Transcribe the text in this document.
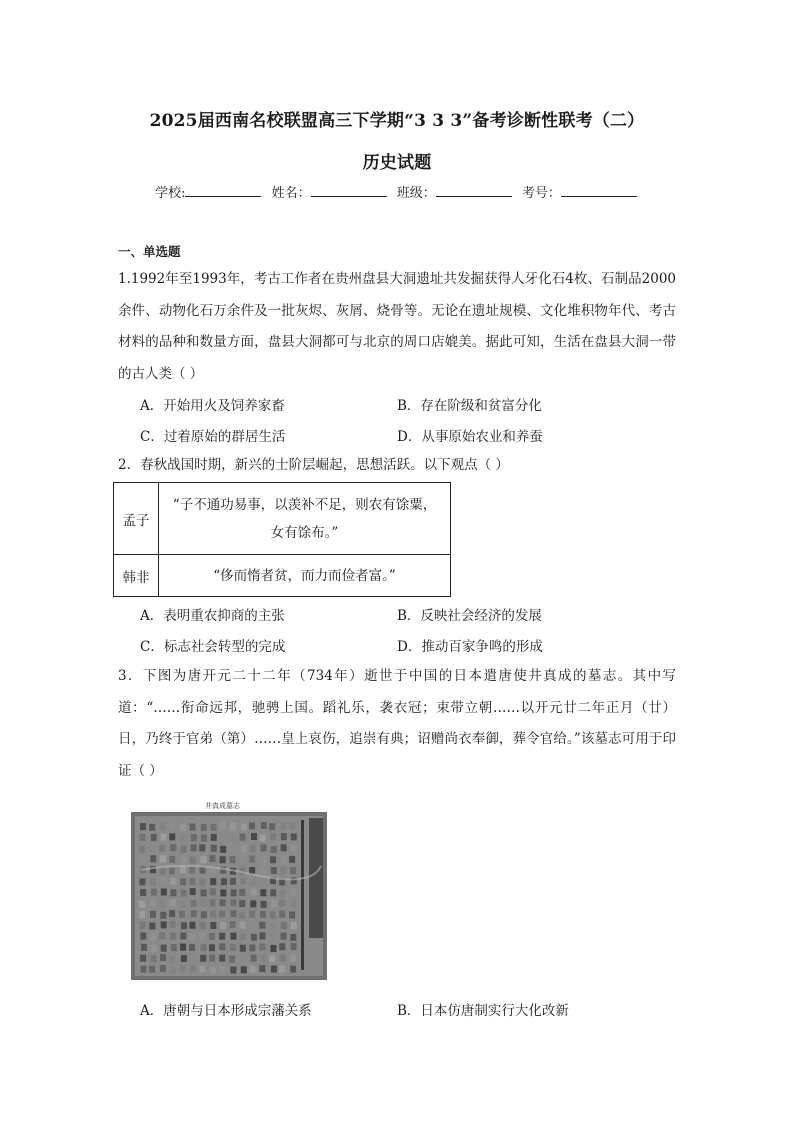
2025届西南名校联盟高三下学期“3 3 3”备考诊断性联考（二）
历史试题
学校:	姓名：	班级：	考号：
一、单选题
1.1992年至1993年，考古工作者在贵州盘县大洞遗址共发掘获得人牙化石4枚、石制品2000余件、动物化石万余件及一批灰烬、灰屑、烧骨等。无论在遗址规模、文化堆积物年代、考古材料的品种和数量方面，盘县大洞都可与北京的周口店媲美。据此可知，生活在盘县大洞一带的古人类（ ）
A．开始用火及饲养家畜	B．存在阶级和贫富分化
C．过着原始的群居生活	D．从事原始农业和养蚕
2．春秋战国时期，新兴的士阶层崛起，思想活跃。以下观点（ ）
孟子	“子不通功易事，以羡补不足，则农有馀粟，
女有馀布。”

韩非	“侈而惰者贫，而力而俭者富。”
A．表明重农抑商的主张	B．反映社会经济的发展
C．标志社会转型的完成	D．推动百家争鸣的形成
3．下图为唐开元二十二年（734年）逝世于中国的日本遣唐使井真成的墓志。其中写道：“……衔命远邦，驰骋上国。蹈礼乐，袭衣冠；束带立朝……以开元廿二年正月（廿）日，乃终于官弟（第）……皇上哀伤，追崇有典；诏赠尚衣奉御，葬令官给。”该墓志可用于印证（ ）
井真成墓志
A．唐朝与日本形成宗藩关系	B．日本仿唐制实行大化改新
